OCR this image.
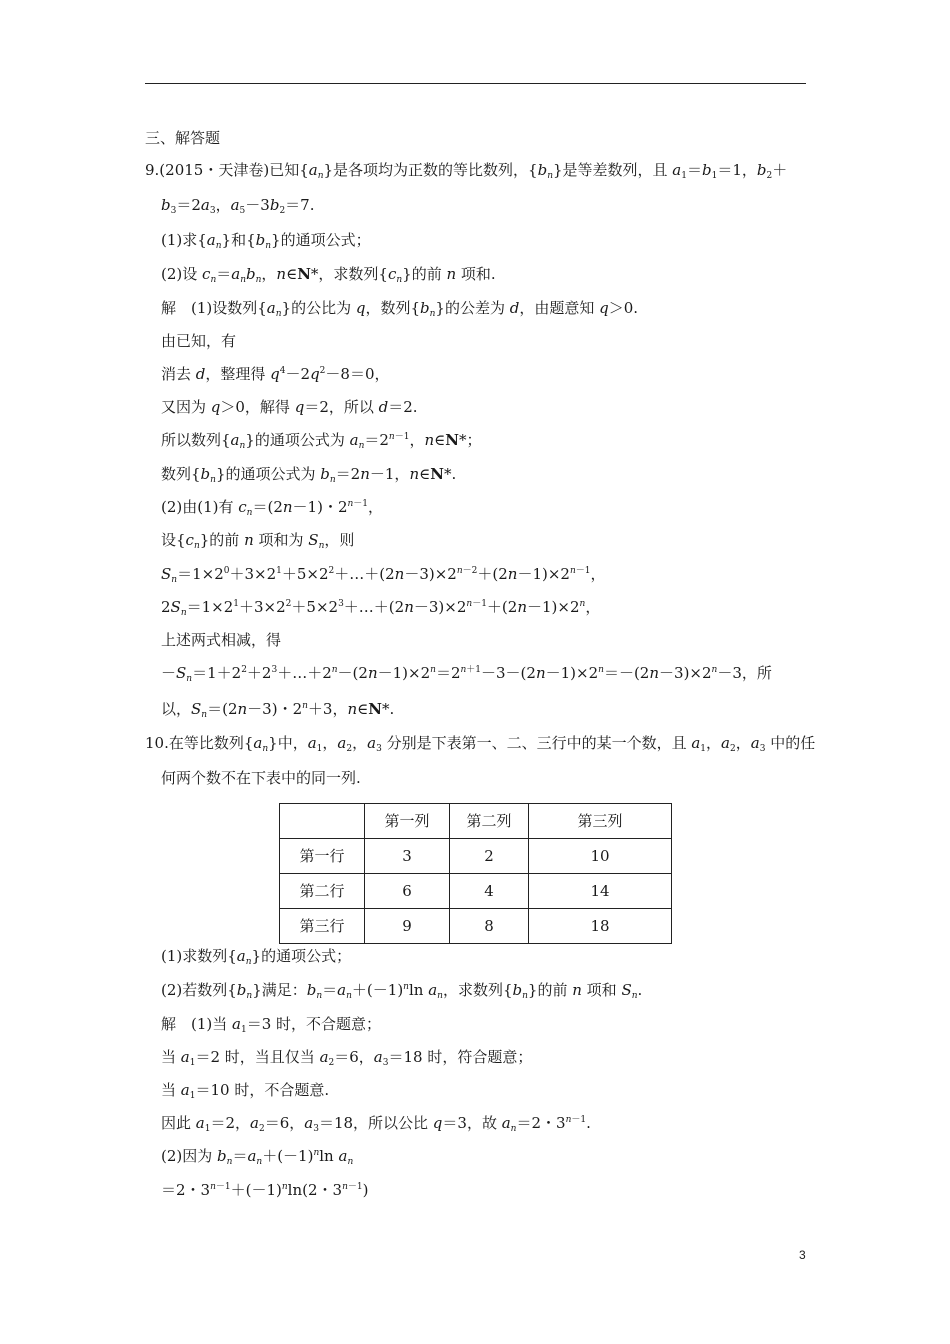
三、解答题
9.(2015・天津卷)已知$\{a_n\}$是各项均为正数的等比数列，$\{b_n\}$是等差数列，且 $a_1=b_1=1$，$b_2+$
$b_3=2a_3$，$a_5-3b_2=7$.
(1)求$\{a_n\}$和$\{b_n\}$的通项公式；
(2)设 $c_n=a_nb_n$，n∈N*，求数列$\{c_n\}$的前 n 项和.
解　(1)设数列$\{a_n\}$的公比为 q，数列$\{b_n\}$的公差为 d，由题意知 q＞0.
由已知，有
消去 d，整理得 $q^4-2q^2-8=0$，
又因为 q＞0，解得 q＝2，所以 d＝2.
所以数列$\{a_n\}$的通项公式为 $a_n=2^{n-1}$，n∈N*；
数列$\{b_n\}$的通项公式为 $b_n=2n-1$，n∈N*.
(2)由(1)有 $c_n=(2n-1)$・$2^{n-1}$，
设$\{c_n\}$的前 n 项和为 $S_n$，则
$S_n=1\times 2^0+3\times 2^1+5\times 2^2+\dots+(2n-3)\times 2^{n-2}+(2n-1)\times 2^{n-1}$，
$2S_n=1\times 2^1+3\times 2^2+5\times 2^3+\dots+(2n-3)\times 2^{n-1}+(2n-1)\times 2^n$，
上述两式相减，得
$-S_n=1+2^2+2^3+\dots+2^n-(2n-1)\times 2^n=2^{n+1}-3-(2n-1)\times 2^n=-(2n-3)\times 2^n-3$，所
以，$S_n=(2n-3)$・$2^n+3$，n∈N*.
10.在等比数列$\{a_n\}$中，$a_1$，$a_2$，$a_3$ 分别是下表第一、二、三行中的某一个数，且 $a_1$，$a_2$，$a_3$ 中的任
何两个数不在下表中的同一列.
	第一列	第二列	第三列
第一行	3	2	10
第二行	6	4	14
第三行	9	8	18
(1)求数列$\{a_n\}$的通项公式；
(2)若数列$\{b_n\}$满足：$b_n=a_n+(-1)^n\ln$ $a_n$，求数列$\{b_n\}$的前 n 项和 $S_n$.
解　(1)当 $a_1=3$ 时，不合题意；
当 $a_1=2$ 时，当且仅当 $a_2=6$，$a_3=18$ 时，符合题意；
当 $a_1=10$ 时，不合题意.
因此 $a_1=2$，$a_2=6$，$a_3=18$，所以公比 q＝3，故 $a_n=2$・$3^{n-1}$.
(2)因为 $b_n=a_n+(-1)^n\ln$ $a_n$
＝2・$3^{n-1}+(-1)^n\ln(2$・$3^{n-1}$)
3
